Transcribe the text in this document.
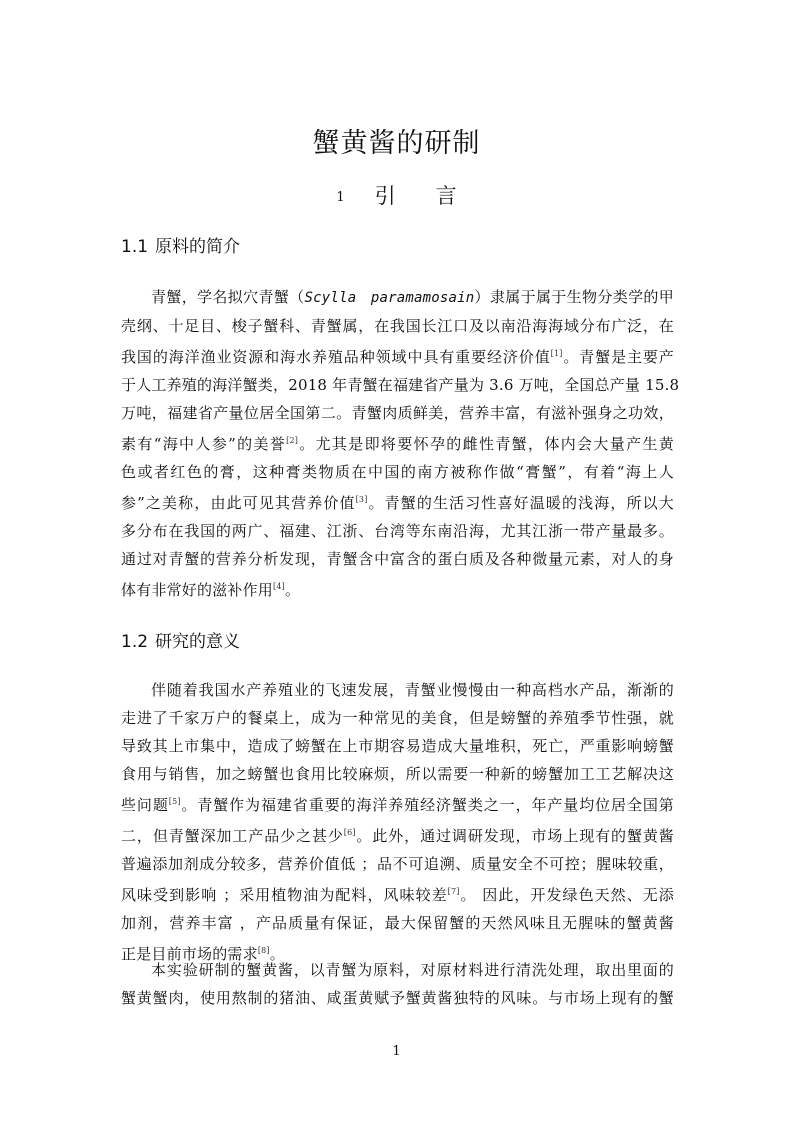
蟹黄酱的研制
1 引 言
1.1 原料的简介
青蟹，学名拟穴青蟹（Scylla　paramamosain）隶属于属于生物分类学的甲
壳纲、十足目、梭子蟹科、青蟹属，在我国长江口及以南沿海海域分布广泛，在
我国的海洋渔业资源和海水养殖品种领域中具有重要经济价值[1]。青蟹是主要产
于人工养殖的海洋蟹类，2018 年青蟹在福建省产量为 3.6 万吨，全国总产量 15.8
万吨，福建省产量位居全国第二。青蟹肉质鲜美，营养丰富，有滋补强身之功效，
素有“海中人参”的美誉[2]。尤其是即将要怀孕的雌性青蟹，体内会大量产生黄
色或者红色的膏，这种膏类物质在中国的南方被称作做“膏蟹”，有着“海上人
参”之美称，由此可见其营养价值[3]。青蟹的生活习性喜好温暖的浅海，所以大
多分布在我国的两广、福建、江浙、台湾等东南沿海，尤其江浙一带产量最多。
通过对青蟹的营养分析发现，青蟹含中富含的蛋白质及各种微量元素，对人的身
体有非常好的滋补作用[4]。
1.2 研究的意义
伴随着我国水产养殖业的飞速发展，青蟹业慢慢由一种高档水产品，渐渐的
走进了千家万户的餐桌上，成为一种常见的美食，但是螃蟹的养殖季节性强，就
导致其上市集中，造成了螃蟹在上市期容易造成大量堆积，死亡，严重影响螃蟹
食用与销售，加之螃蟹也食用比较麻烦，所以需要一种新的螃蟹加工工艺解决这
些问题[5]。青蟹作为福建省重要的海洋养殖经济蟹类之一，年产量均位居全国第
二，但青蟹深加工产品少之甚少[6]。此外，通过调研发现，市场上现有的蟹黄酱
普遍添加剂成分较多，营养价值低 ；品不可追溯、质量安全不可控；腥味较重，
风味受到影响 ；采用植物油为配料，风味较差[7]。 因此，开发绿色天然、无添
加剂，营养丰富 ，产品质量有保证，最大保留蟹的天然风味且无腥味的蟹黄酱
正是目前市场的需求[8]。
本实验研制的蟹黄酱，以青蟹为原料，对原材料进行清洗处理，取出里面的
蟹黄蟹肉，使用熬制的猪油、咸蛋黄赋予蟹黄酱独特的风味。与市场上现有的蟹
1
